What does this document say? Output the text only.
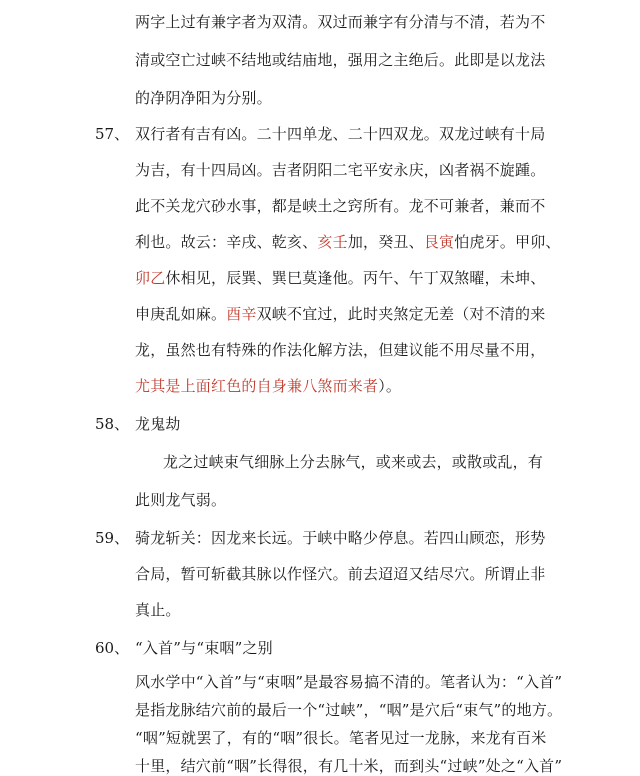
两字上过有兼字者为双清。双过而兼字有分清与不清，若为不
清或空亡过峡不结地或结庙地，强用之主绝后。此即是以龙法
的净阴净阳为分别。
57、 双行者有吉有凶。二十四单龙、二十四双龙。双龙过峡有十局
为吉，有十四局凶。吉者阴阳二宅平安永庆，凶者祸不旋踵。
此不关龙穴砂水事，都是峡土之窍所有。龙不可兼者，兼而不
利也。故云：辛戌、乾亥、亥壬加，癸丑、艮寅怕虎牙。甲卯、
卯乙休相见，辰巽、巽巳莫逢他。丙午、午丁双煞曜，未坤、
申庚乱如麻。酉辛双峡不宜过，此时夹煞定无差（对不清的来
龙，虽然也有特殊的作法化解方法，但建议能不用尽量不用，
尤其是上面红色的自身兼八煞而来者）。
58、 龙鬼劫
龙之过峡束气细脉上分去脉气，或来或去，或散或乱，有
此则龙气弱。
59、 骑龙斩关：因龙来长远。于峡中略少停息。若四山顾恋，形势
合局，暂可斩截其脉以作怪穴。前去迢迢又结尽穴。所谓止非
真止。
60、 “入首”与“束咽”之别
风水学中“入首”与“束咽”是最容易搞不清的。笔者认为：“入首”
是指龙脉结穴前的最后一个“过峡”，“咽”是穴后“束气”的地方。
“咽”短就罢了，有的“咽”很长。笔者见过一龙脉，来龙有百米
十里，结穴前“咽”长得很，有几十米，而到头“过峡”处之“入首”
